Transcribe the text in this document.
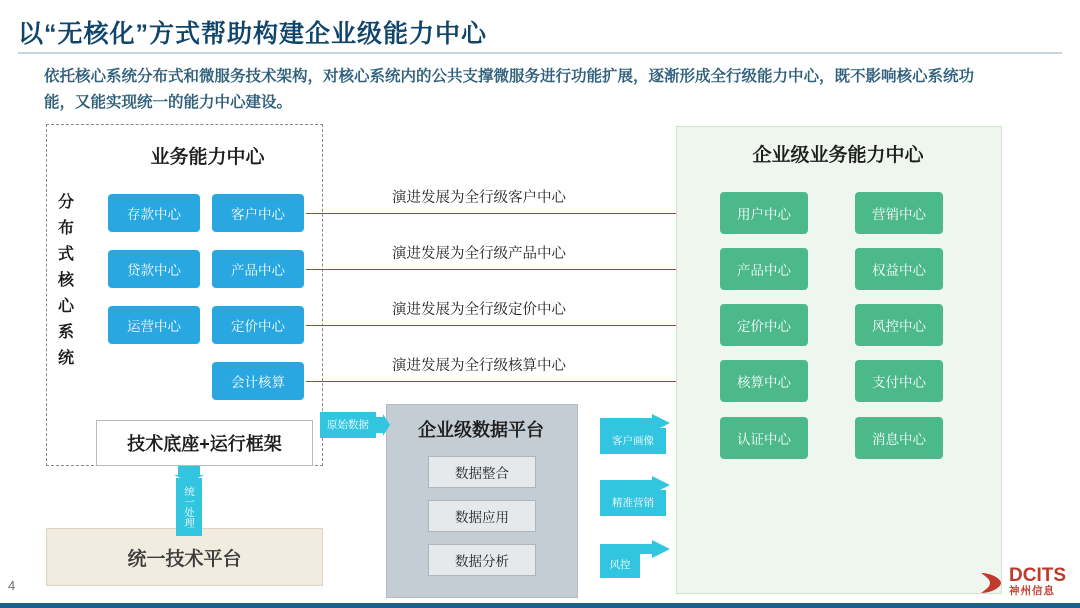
以“无核化”方式帮助构建企业级能力中心
依托核心系统分布式和微服务技术架构，对核心系统内的公共支撑微服务进行功能扩展，逐渐形成全行级能力中心，既不影响核心系统功能，又能实现统一的能力中心建设。
分布式核心系统
业务能力中心
存款中心
贷款中心
运营中心
客户中心
产品中心
定价中心
会计核算
技术底座+运行框架
统一技术平台
演进发展为全行级客户中心
演进发展为全行级产品中心
演进发展为全行级定价中心
演进发展为全行级核算中心
企业级业务能力中心
用户中心
产品中心
定价中心
核算中心
认证中心
营销中心
权益中心
风控中心
支付中心
消息中心
企业级数据平台
数据整合
数据应用
数据分析
原始数据
统一处理
客户画像
精准营销
风控
4	DCITS
神州信息
